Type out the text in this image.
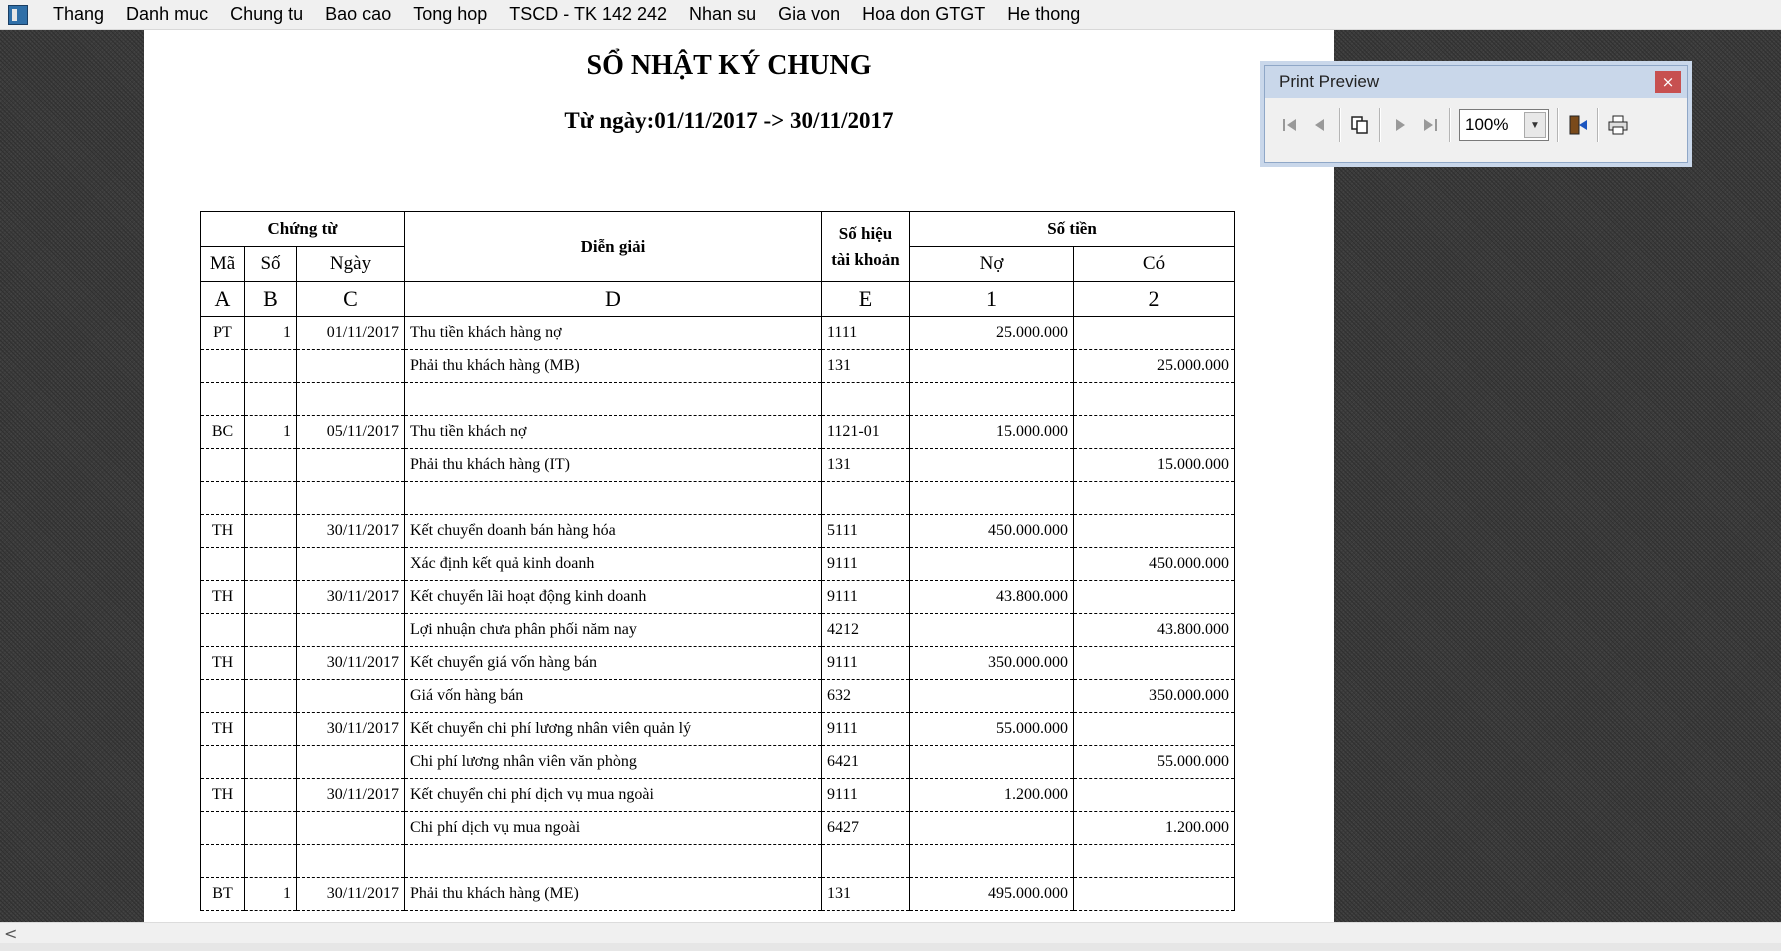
Thang	Danh muc	Chung tu	Bao cao	Tong hop	TSCD - TK 142 242	Nhan su	Gia von	Hoa don GTGT	He thong
SỔ NHẬT KÝ CHUNG
Từ ngày:01/11/2017 -> 30/11/2017
Chứng từ			Diễn giải	Số hiệu
tài khoản	Số tiền	
Mã	Số	Ngày			Nợ	Có
A	B	C	D	E	1	2
PT	1	01/11/2017	Thu tiền khách hàng nợ	1111	25.000.000	
			Phải thu khách hàng (MB)	131		25.000.000

BC	1	05/11/2017	Thu tiền khách nợ	1121-01	15.000.000	
			Phải thu khách hàng (IT)	131		15.000.000

TH		30/11/2017	Kết chuyển doanh bán hàng hóa	5111	450.000.000	
			Xác định kết quả kinh doanh	9111		450.000.000
TH		30/11/2017	Kết chuyển lãi hoạt động kinh doanh	9111	43.800.000	
			Lợi nhuận chưa phân phối năm nay	4212		43.800.000
TH		30/11/2017	Kết chuyển giá vốn hàng bán	9111	350.000.000	
			Giá vốn hàng bán	632		350.000.000
TH		30/11/2017	Kết chuyển chi phí lương nhân viên quản lý	9111	55.000.000	
			Chi phí lương nhân viên văn phòng	6421		55.000.000
TH		30/11/2017	Kết chuyển chi phí dịch vụ mua ngoài	9111	1.200.000	
			Chi phí dịch vụ mua ngoài	6427		1.200.000

BT	1	30/11/2017	Phải thu khách hàng (ME)	131	495.000.000	
Print Preview	×
100%	▼
<
